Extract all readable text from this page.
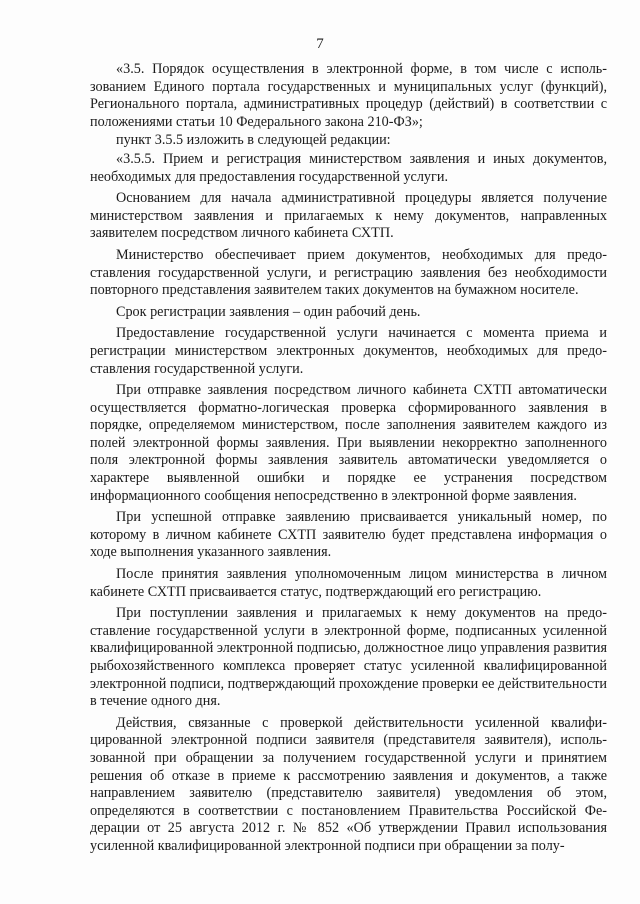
7

«3.5. Порядок осуществления в электронной форме, в том числе с использованием Единого портала государственных и муниципальных услуг (функций), Регионального портала, административных процедур (действий) в соответствии с положениями статьи 10 Федерального закона 210-ФЗ»;

пункт 3.5.5 изложить в следующей редакции:

«3.5.5. Прием и регистрация министерством заявления и иных документов, необходимых для предоставления государственной услуги.

Основанием для начала административной процедуры является получение министерством заявления и прилагаемых к нему документов, направленных заявителем посредством личного кабинета СХТП.

Министерство обеспечивает прием документов, необходимых для предоставления государственной услуги, и регистрацию заявления без необходимости повторного представления заявителем таких документов на бумажном носителе.

Срок регистрации заявления – один рабочий день.

Предоставление государственной услуги начинается с момента приема и регистрации министерством электронных документов, необходимых для предоставления государственной услуги.

При отправке заявления посредством личного кабинета СХТП автоматически осуществляется форматно-логическая проверка сформированного заявления в порядке, определяемом министерством, после заполнения заявителем каждого из полей электронной формы заявления. При выявлении некорректно заполненного поля электронной формы заявления заявитель автоматически уведомляется о характере выявленной ошибки и порядке ее устранения посредством информационного сообщения непосредственно в электронной форме заявления.

При успешной отправке заявлению присваивается уникальный номер, по которому в личном кабинете СХТП заявителю будет представлена информация о ходе выполнения указанного заявления.

После принятия заявления уполномоченным лицом министерства в личном кабинете СХТП присваивается статус, подтверждающий его регистрацию.

При поступлении заявления и прилагаемых к нему документов на предоставление государственной услуги в электронной форме, подписанных усиленной квалифицированной электронной подписью, должностное лицо управления развития рыбохозяйственного комплекса проверяет статус усиленной квалифицированной электронной подписи, подтверждающий прохождение проверки ее действительности в течение одного дня.

Действия, связанные с проверкой действительности усиленной квалифицированной электронной подписи заявителя (представителя заявителя), использованной при обращении за получением государственной услуги и принятием решения об отказе в приеме к рассмотрению заявления и документов, а также направлением заявителю (представителю заявителя) уведомления об этом, определяются в соответствии с постановлением Правительства Российской Федерации от 25 августа 2012 г. № 852 «Об утверждении Правил использования усиленной квалифицированной электронной подписи при обращении за полу-
